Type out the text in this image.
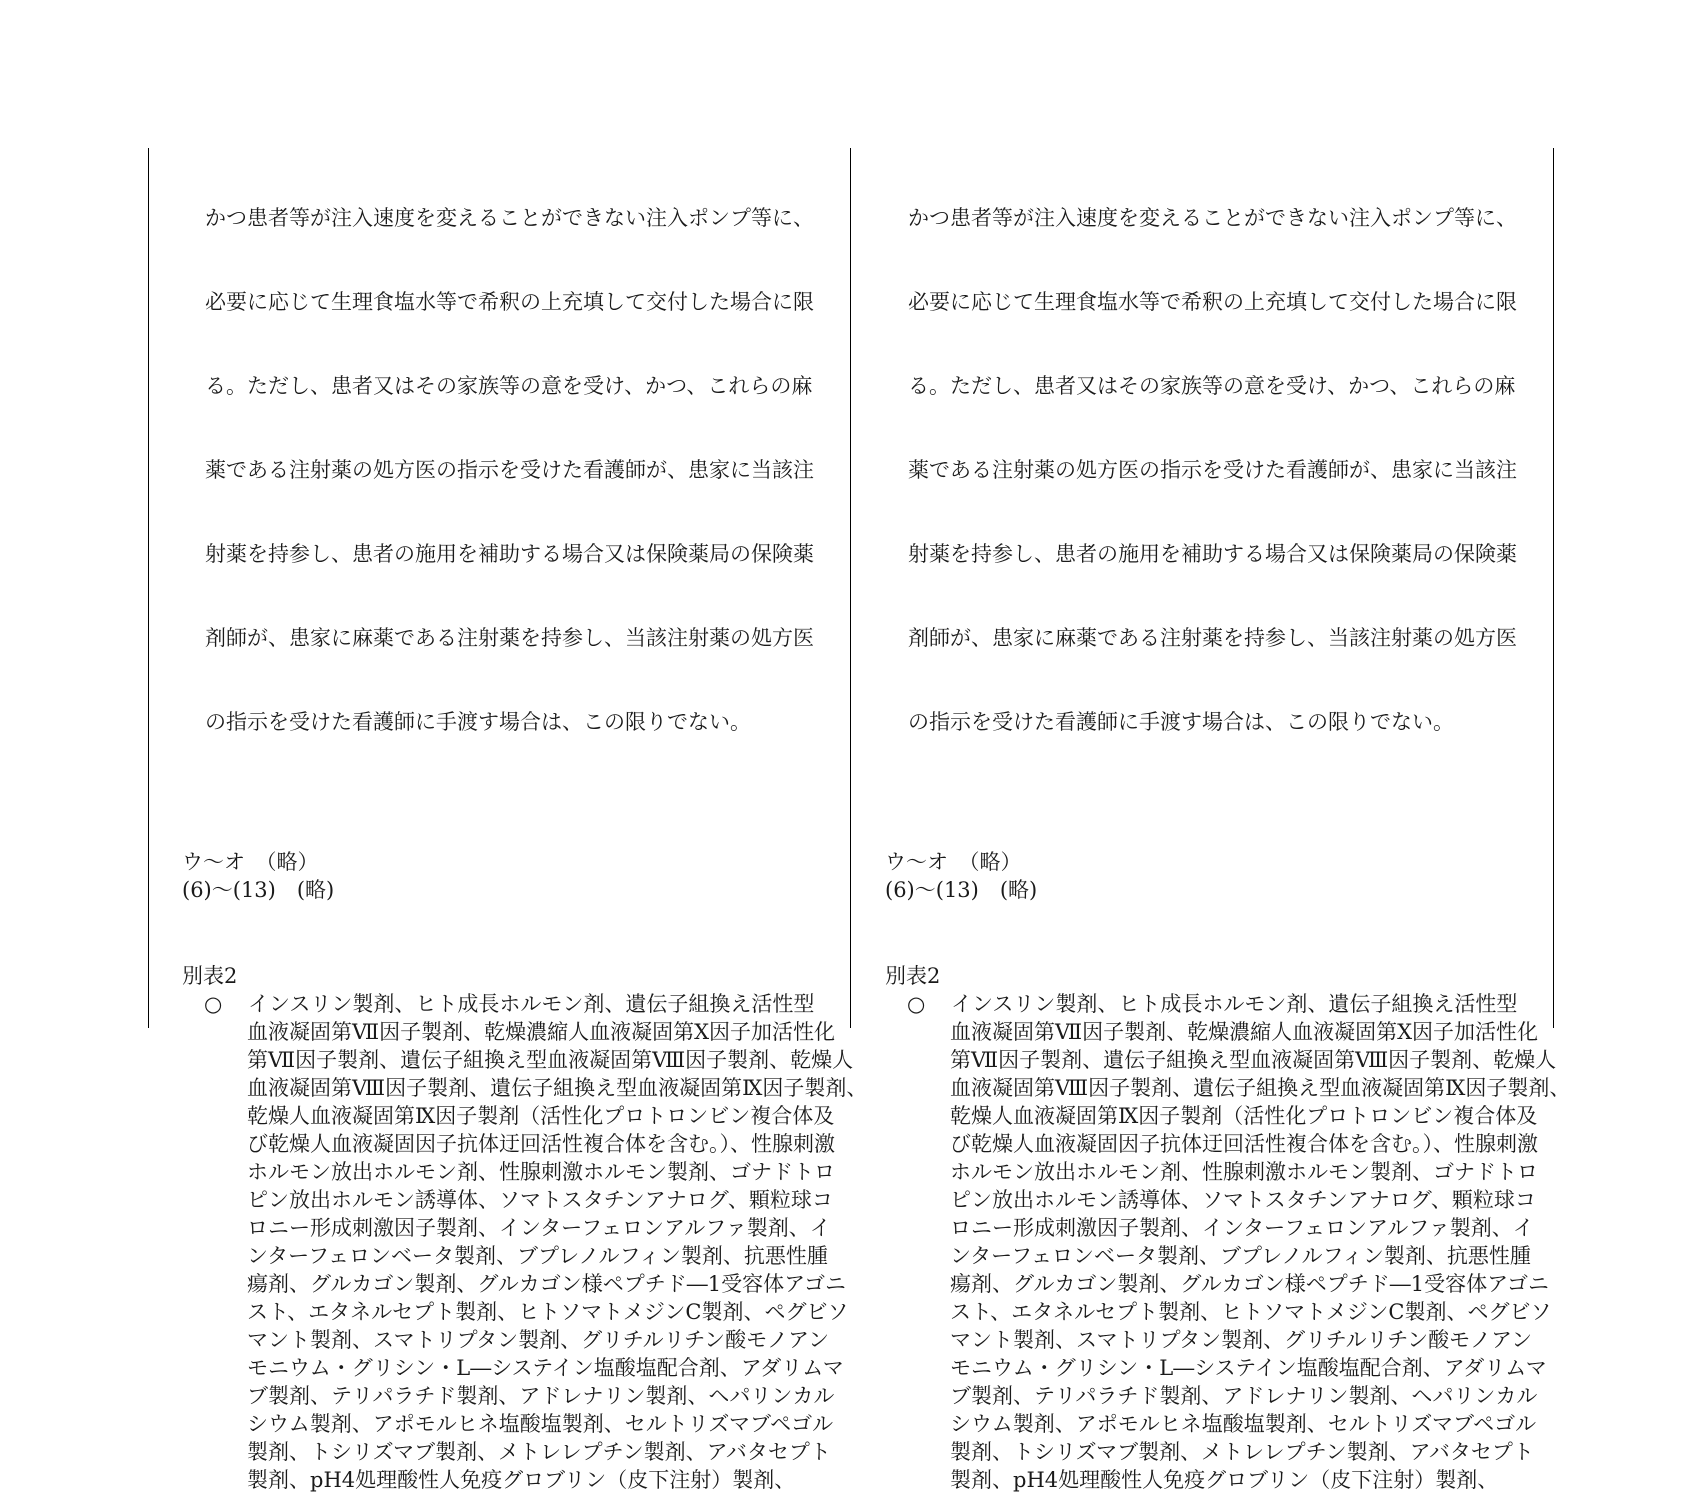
かつ患者等が注入速度を変えることができない注入ポンプ等に、

必要に応じて生理食塩水等で希釈の上充填して交付した場合に限

る。ただし、患者又はその家族等の意を受け、かつ、これらの麻

薬である注射薬の処方医の指示を受けた看護師が、患家に当該注

射薬を持参し、患者の施用を補助する場合又は保険薬局の保険薬

剤師が、患家に麻薬である注射薬を持参し、当該注射薬の処方医

の指示を受けた看護師に手渡す場合は、この限りでない。

ウ～オ　（略）
(6)～(13)　(略)
別表2
○ インスリン製剤、ヒト成長ホルモン剤、遺伝子組換え活性型
血液凝固第Ⅶ因子製剤、乾燥濃縮人血液凝固第Ⅹ因子加活性化
第Ⅶ因子製剤、遺伝子組換え型血液凝固第Ⅷ因子製剤、乾燥人
血液凝固第Ⅷ因子製剤、遺伝子組換え型血液凝固第Ⅸ因子製剤、
乾燥人血液凝固第Ⅸ因子製剤（活性化プロトロンビン複合体及
び乾燥人血液凝固因子抗体迂回活性複合体を含む。）、性腺刺激
ホルモン放出ホルモン剤、性腺刺激ホルモン製剤、ゴナドトロ
ピン放出ホルモン誘導体、ソマトスタチンアナログ、顆粒球コ
ロニー形成刺激因子製剤、インターフェロンアルファ製剤、イ
ンターフェロンベータ製剤、ブプレノルフィン製剤、抗悪性腫
瘍剤、グルカゴン製剤、グルカゴン様ペプチド―1受容体アゴニ
スト、エタネルセプト製剤、ヒトソマトメジンC製剤、ペグビソ
マント製剤、スマトリプタン製剤、グリチルリチン酸モノアン
モニウム・グリシン・L―システイン塩酸塩配合剤、アダリムマ
ブ製剤、テリパラチド製剤、アドレナリン製剤、ヘパリンカル
シウム製剤、アポモルヒネ塩酸塩製剤、セルトリズマブペゴル
製剤、トシリズマブ製剤、メトレレプチン製剤、アバタセプト
製剤、pH4処理酸性人免疫グロブリン（皮下注射）製剤、

かつ患者等が注入速度を変えることができない注入ポンプ等に、

必要に応じて生理食塩水等で希釈の上充填して交付した場合に限

る。ただし、患者又はその家族等の意を受け、かつ、これらの麻

薬である注射薬の処方医の指示を受けた看護師が、患家に当該注

射薬を持参し、患者の施用を補助する場合又は保険薬局の保険薬

剤師が、患家に麻薬である注射薬を持参し、当該注射薬の処方医

の指示を受けた看護師に手渡す場合は、この限りでない。

ウ～オ　（略）
(6)～(13)　(略)
別表2
○ インスリン製剤、ヒト成長ホルモン剤、遺伝子組換え活性型
血液凝固第Ⅶ因子製剤、乾燥濃縮人血液凝固第Ⅹ因子加活性化
第Ⅶ因子製剤、遺伝子組換え型血液凝固第Ⅷ因子製剤、乾燥人
血液凝固第Ⅷ因子製剤、遺伝子組換え型血液凝固第Ⅸ因子製剤、
乾燥人血液凝固第Ⅸ因子製剤（活性化プロトロンビン複合体及
び乾燥人血液凝固因子抗体迂回活性複合体を含む。）、性腺刺激
ホルモン放出ホルモン剤、性腺刺激ホルモン製剤、ゴナドトロ
ピン放出ホルモン誘導体、ソマトスタチンアナログ、顆粒球コ
ロニー形成刺激因子製剤、インターフェロンアルファ製剤、イ
ンターフェロンベータ製剤、ブプレノルフィン製剤、抗悪性腫
瘍剤、グルカゴン製剤、グルカゴン様ペプチド―1受容体アゴニ
スト、エタネルセプト製剤、ヒトソマトメジンC製剤、ペグビソ
マント製剤、スマトリプタン製剤、グリチルリチン酸モノアン
モニウム・グリシン・L―システイン塩酸塩配合剤、アダリムマ
ブ製剤、テリパラチド製剤、アドレナリン製剤、ヘパリンカル
シウム製剤、アポモルヒネ塩酸塩製剤、セルトリズマブペゴル
製剤、トシリズマブ製剤、メトレレプチン製剤、アバタセプト
製剤、pH4処理酸性人免疫グロブリン（皮下注射）製剤、
